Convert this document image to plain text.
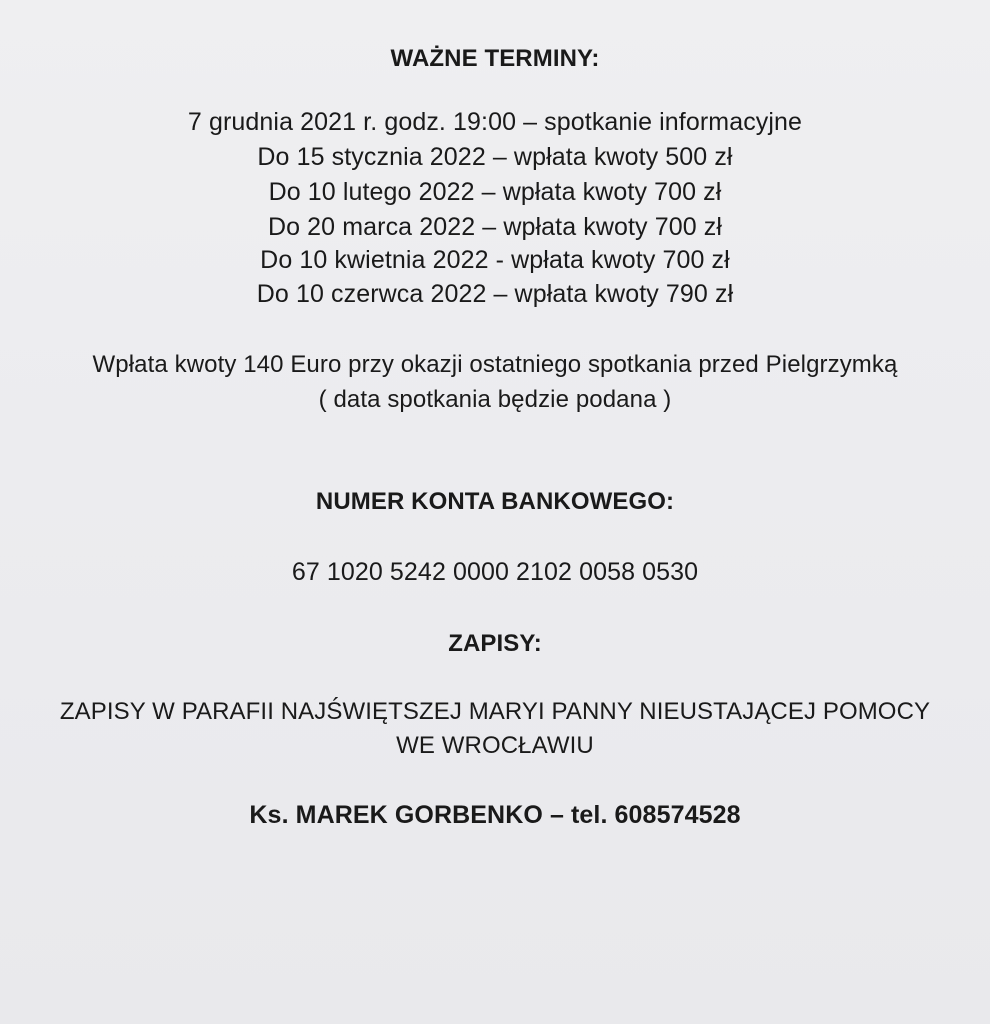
WAŻNE TERMINY:
7 grudnia 2021 r. godz. 19:00 – spotkanie informacyjne
Do 15 stycznia 2022 – wpłata kwoty 500 zł
Do 10 lutego 2022 – wpłata kwoty 700 zł
Do 20 marca 2022 – wpłata kwoty 700 zł
Do 10 kwietnia 2022 - wpłata kwoty 700 zł
Do 10 czerwca 2022 – wpłata kwoty 790 zł
Wpłata kwoty 140 Euro przy okazji ostatniego spotkania przed Pielgrzymką
( data spotkania będzie podana )
NUMER KONTA BANKOWEGO:
67 1020 5242 0000 2102 0058 0530
ZAPISY:
ZAPISY W PARAFII NAJŚWIĘTSZEJ MARYI PANNY NIEUSTAJĄCEJ POMOCY
WE WROCŁAWIU
Ks. MAREK GORBENKO – tel. 608574528
